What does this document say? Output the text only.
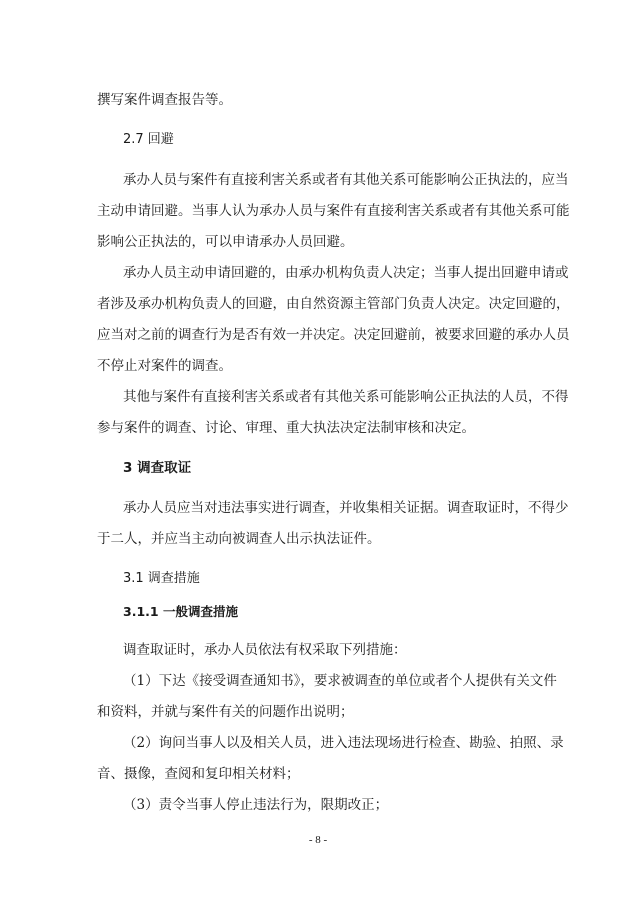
撰写案件调查报告等。
2.7 回避
承办人员与案件有直接利害关系或者有其他关系可能影响公正执法的，应当
主动申请回避。当事人认为承办人员与案件有直接利害关系或者有其他关系可能
影响公正执法的，可以申请承办人员回避。
承办人员主动申请回避的，由承办机构负责人决定；当事人提出回避申请或
者涉及承办机构负责人的回避，由自然资源主管部门负责人决定。决定回避的，
应当对之前的调查行为是否有效一并决定。决定回避前，被要求回避的承办人员
不停止对案件的调查。
其他与案件有直接利害关系或者有其他关系可能影响公正执法的人员，不得
参与案件的调查、讨论、审理、重大执法决定法制审核和决定。
3 调查取证
承办人员应当对违法事实进行调查，并收集相关证据。调查取证时，不得少
于二人，并应当主动向被调查人出示执法证件。
3.1 调查措施
3.1.1 一般调查措施
调查取证时，承办人员依法有权采取下列措施：
（1）下达《接受调查通知书》，要求被调查的单位或者个人提供有关文件
和资料，并就与案件有关的问题作出说明；
（2）询问当事人以及相关人员，进入违法现场进行检查、勘验、拍照、录
音、摄像，查阅和复印相关材料；
（3）责令当事人停止违法行为，限期改正；
- 8 -
